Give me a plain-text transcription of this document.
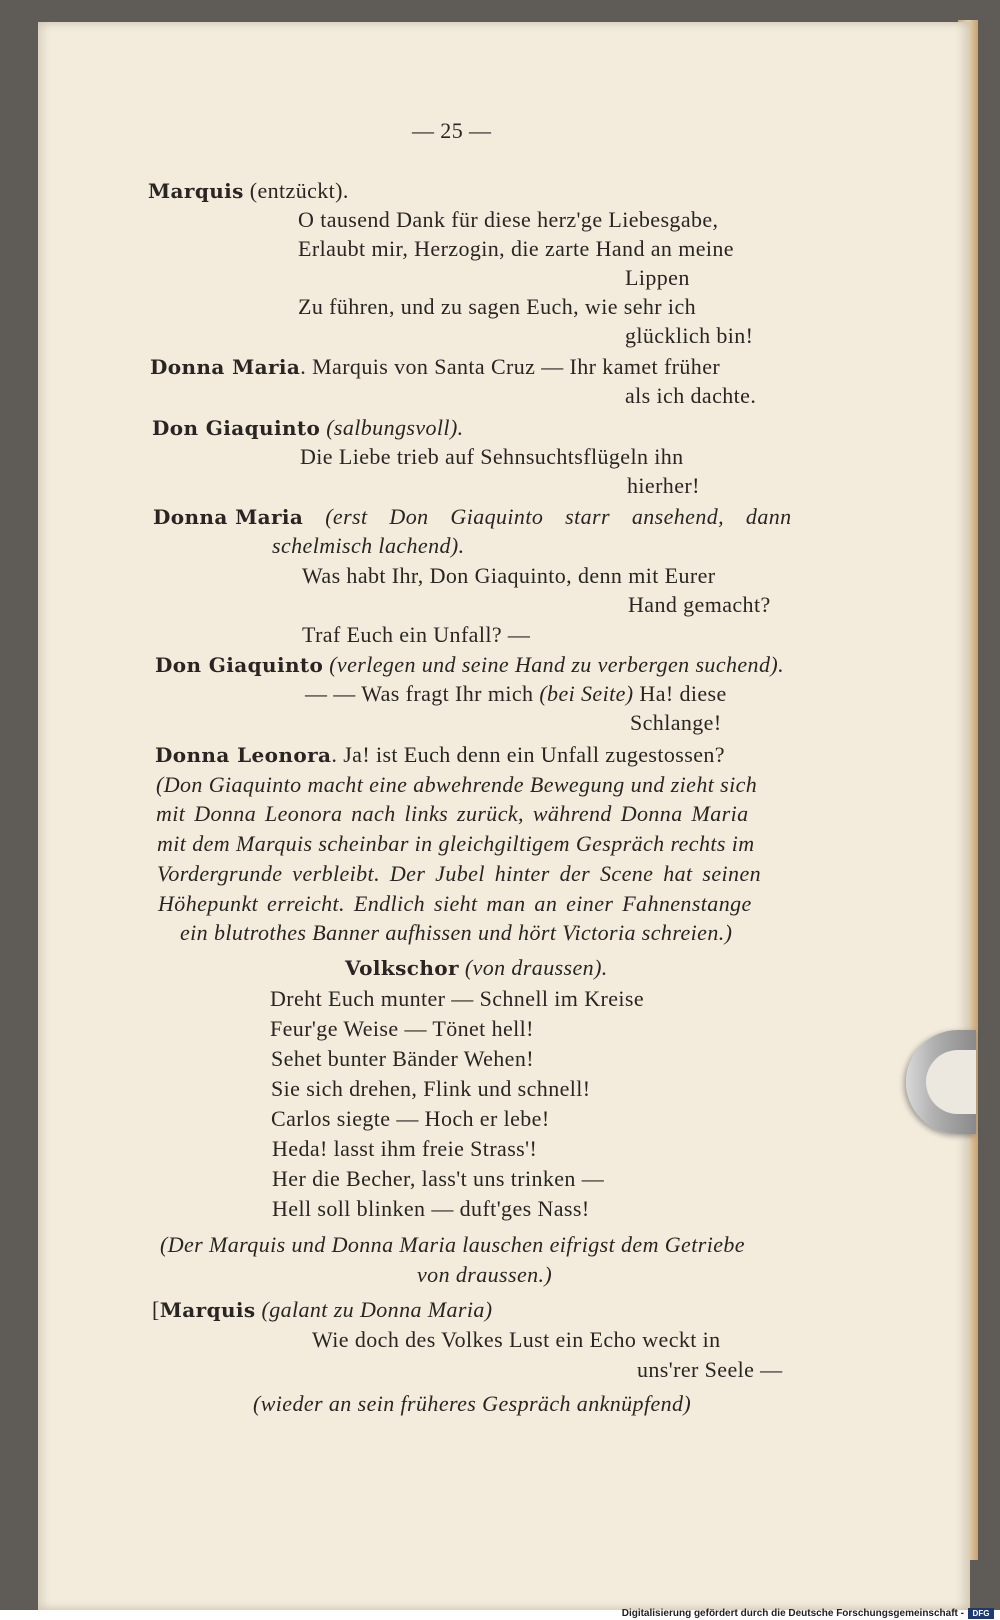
— 25 —
Marquis (entzückt).
O tausend Dank für diese herz'ge Liebesgabe,
Erlaubt mir, Herzogin, die zarte Hand an meine
Lippen
Zu führen, und zu sagen Euch, wie sehr ich
glücklich bin!
Donna Maria. Marquis von Santa Cruz — Ihr kamet früher
als ich dachte.
Don Giaquinto (salbungsvoll).
Die Liebe trieb auf Sehnsuchtsflügeln ihn
hierher!
Donna Maria (erst Don Giaquinto starr ansehend, dann
schelmisch lachend).
Was habt Ihr, Don Giaquinto, denn mit Eurer
Hand gemacht?
Traf Euch ein Unfall? —
Don Giaquinto (verlegen und seine Hand zu verbergen suchend).
— — Was fragt Ihr mich (bei Seite) Ha! diese
Schlange!
Donna Leonora. Ja! ist Euch denn ein Unfall zugestossen?
(Don Giaquinto macht eine abwehrende Bewegung und zieht sich
mit Donna Leonora nach links zurück, während Donna Maria
mit dem Marquis scheinbar in gleichgiltigem Gespräch rechts im
Vordergrunde verbleibt. Der Jubel hinter der Scene hat seinen
Höhepunkt erreicht. Endlich sieht man an einer Fahnenstange
ein blutrothes Banner aufhissen und hört Victoria schreien.)
Volkschor (von draussen).
Dreht Euch munter — Schnell im Kreise
Feur'ge Weise — Tönet hell!
Sehet bunter Bänder Wehen!
Sie sich drehen, Flink und schnell!
Carlos siegte — Hoch er lebe!
Heda! lasst ihm freie Strass'!
Her die Becher, lass't uns trinken —
Hell soll blinken — duft'ges Nass!
(Der Marquis und Donna Maria lauschen eifrigst dem Getriebe
von draussen.)
[Marquis (galant zu Donna Maria)
Wie doch des Volkes Lust ein Echo weckt in
uns'rer Seele —
(wieder an sein früheres Gespräch anknüpfend)
Digitalisierung gefördert durch die Deutsche Forschungsgemeinschaft -	DFG
